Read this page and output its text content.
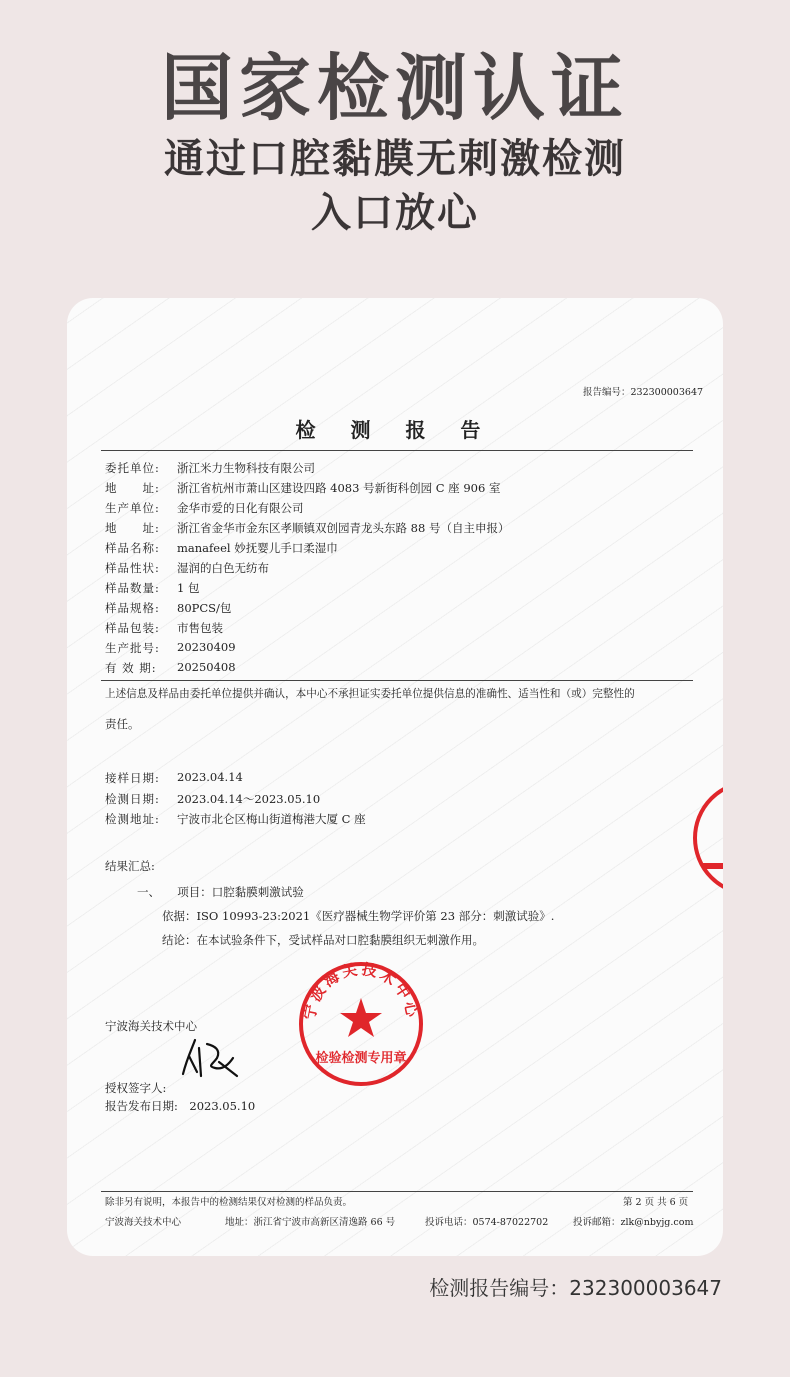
国家检测认证
通过口腔黏膜无刺激检测
入口放心
报告编号：232300003647
检 测 报 告
委托单位:	浙江米力生物科技有限公司
地　　址:	浙江省杭州市萧山区建设四路 4083 号新街科创园 C 座 906 室
生产单位:	金华市爱的日化有限公司
地　　址:	浙江省金华市金东区孝顺镇双创园青龙头东路 88 号（自主申报）
样品名称:	manafeel 妙抚婴儿手口柔湿巾
样品性状:	湿润的白色无纺布
样品数量:	1 包
样品规格:	80PCS/包
样品包装:	市售包装
生产批号:	20230409
有 效 期:	20250408
上述信息及样品由委托单位提供并确认，本中心不承担证实委托单位提供信息的准确性、适当性和（或）完整性的
责任。
接样日期:	2023.04.14
检测日期:	2023.04.14～2023.05.10
检测地址:	宁波市北仑区梅山街道梅港大厦 C 座
结果汇总:
一、　　项目：口腔黏膜刺激试验
依据：ISO 10993-23:2021《医疗器械生物学评价第 23 部分：刺激试验》.
结论：在本试验条件下，受试样品对口腔黏膜组织无刺激作用。
宁波海关技术中心
授权签字人:
报告发布日期:　2023.05.10
宁波海关技术中心
检验检测专用章
除非另有说明，本报告中的检测结果仅对检测的样品负责。	第 2 页 共 6 页
宁波海关技术中心	地址：浙江省宁波市高新区清逸路 66 号	投诉电话：0574-87022702	投诉邮箱：zlk@nbyjg.com
检测报告编号：232300003647
